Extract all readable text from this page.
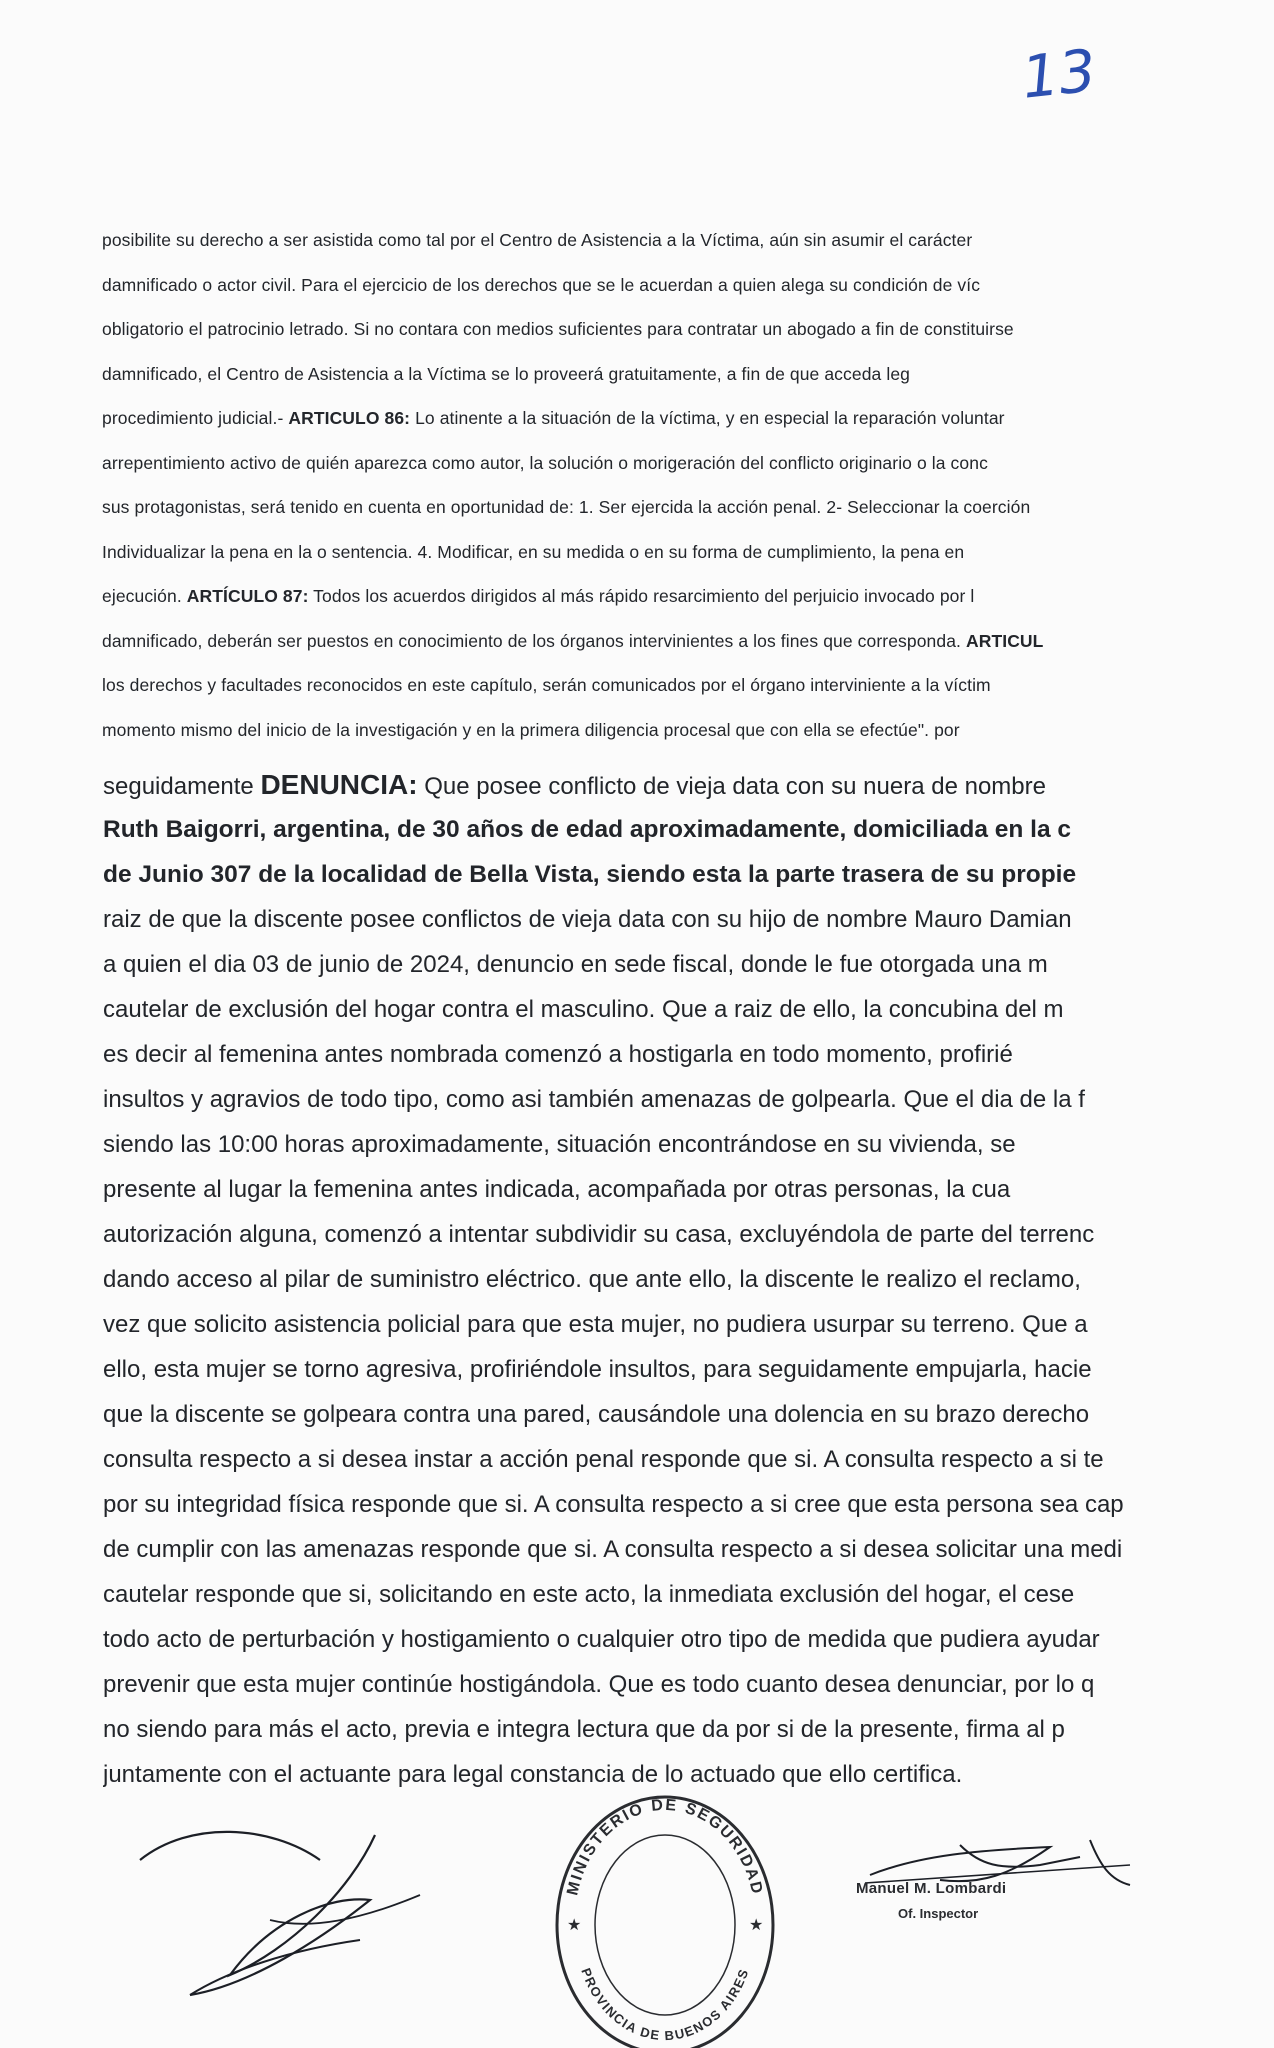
13
posibilite su derecho a ser asistida como tal por el Centro de Asistencia a la Víctima, aún sin asumir el carácter
damnificado o actor civil. Para el ejercicio de los derechos que se le acuerdan a quien alega su condición de víc
obligatorio el patrocinio letrado. Si no contara con medios suficientes para contratar un abogado a fin de constituirse
damnificado, el Centro de Asistencia a la Víctima se lo proveerá gratuitamente, a fin de que acceda leg
procedimiento judicial.- ARTICULO 86: Lo atinente a la situación de la víctima, y en especial la reparación voluntar
arrepentimiento activo de quién aparezca como autor, la solución o morigeración del conflicto originario o la conc
sus protagonistas, será tenido en cuenta en oportunidad de: 1. Ser ejercida la acción penal. 2- Seleccionar la coerción
Individualizar la pena en la o sentencia. 4. Modificar, en su medida o en su forma de cumplimiento, la pena en
ejecución. ARTÍCULO 87: Todos los acuerdos dirigidos al más rápido resarcimiento del perjuicio invocado por l
damnificado, deberán ser puestos en conocimiento de los órganos intervinientes a los fines que corresponda. ARTICUL
los derechos y facultades reconocidos en este capítulo, serán comunicados por el órgano interviniente a la víctim
momento mismo del inicio de la investigación y en la primera diligencia procesal que con ella se efectúe". por
seguidamente DENUNCIA: Que posee conflicto de vieja data con su nuera de nombre
Ruth Baigorri, argentina, de 30 años de edad aproximadamente, domiciliada en la c
de Junio 307 de la localidad de Bella Vista, siendo esta la parte trasera de su propie
raiz de que la discente posee conflictos de vieja data con su hijo de nombre Mauro Damian
a quien el dia 03 de junio de 2024, denuncio en sede fiscal, donde le fue otorgada una m
cautelar de exclusión del hogar contra el masculino. Que a raiz de ello, la concubina del m
es decir al femenina antes nombrada comenzó a hostigarla en todo momento, profirié
insultos y agravios de todo tipo, como asi también amenazas de golpearla. Que el dia de la f
siendo las 10:00 horas aproximadamente, situación encontrándose en su vivienda, se
presente al lugar la femenina antes indicada, acompañada por otras personas, la cua
autorización alguna, comenzó a intentar subdividir su casa, excluyéndola de parte del terrenc
dando acceso al pilar de suministro eléctrico. que ante ello, la discente le realizo el reclamo,
vez que solicito asistencia policial para que esta mujer, no pudiera usurpar su terreno. Que a
ello, esta mujer se torno agresiva, profiriéndole insultos, para seguidamente empujarla, hacie
que la discente se golpeara contra una pared, causándole una dolencia en su brazo derecho
consulta respecto a si desea instar a acción penal responde que si. A consulta respecto a si te
por su integridad física responde que si. A consulta respecto a si cree que esta persona sea cap
de cumplir con las amenazas responde que si. A consulta respecto a si desea solicitar una medi
cautelar responde que si, solicitando en este acto, la inmediata exclusión del hogar, el cese
todo acto de perturbación y hostigamiento o cualquier otro tipo de medida que pudiera ayudar
prevenir que esta mujer continúe hostigándola. Que es todo cuanto desea denunciar, por lo q
no siendo para más el acto, previa e integra lectura que da por si de la presente, firma al p
juntamente con el actuante para legal constancia de lo actuado que ello certifica.
MINISTERIO DE SEGURIDAD
PROVINCIA DE BUENOS AIRES
★	★
Manuel M. Lombardi
Of. Inspector
